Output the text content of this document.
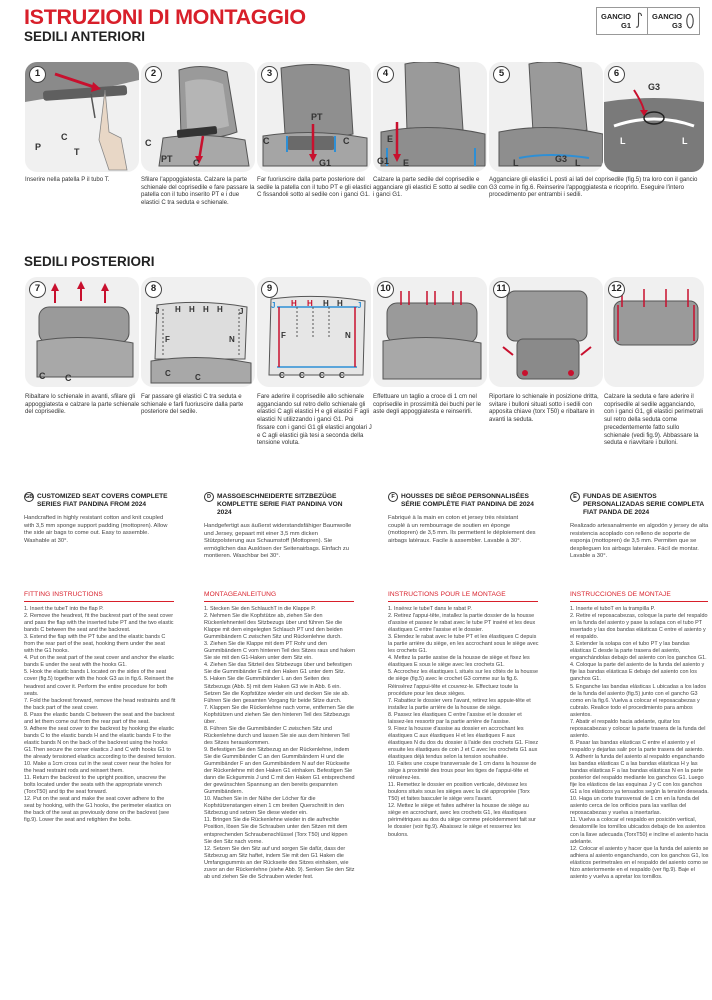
ISTRUZIONI DI MONTAGGIO
SEDILI ANTERIORI
SEDILI POSTERIORI
GANCIO
G1
GANCIO
G3
1
P
C
T
2
C
PT C
3
C
PT
C
G1
4
E
G1 E
5
L	G3 L
6
G3
L	L
Inserire nella patella P il tubo T.	Sfilare l'appoggiatesta. Calzare la parte schienale del coprisedile e fare passare la patella con il tubo inserito PT e i due elastici C tra seduta e schienale.
Far fuoriuscire dalla parte posteriore del sedile la patella con il tubo PT e gli elastici C fissandoli sotto al sedile con i ganci G1.
Calzare la parte sedile del coprisedile e agganciare gli elastici E sotto al sedile con i ganci G1.
Agganciare gli elastici L posti ai lati del coprisedile (fig.5) tra loro con il gancio G3 come in fig.6. Reinserire l'appoggiatesta e ricoprirlo. Eseguire l'intero procedimento per entrambi i sedili.
7
C C
8
J H H H H J
F	N
C	C
9
J H H H H J
F	N
C C C C
10	11	12
Ribaltare lo schienale in avanti, sfilare gli appoggiatesta e calzare la parte schienale del coprisedile.
Far passare gli elastici C tra seduta e schienale e farli fuoriuscire dalla parte posteriore del sedile.
Fare aderire il coprisedile allo schienale agganciando sul retro dello schienale gli elastici C agli elastici H e gli elastici F agli elastici N utilizzando i ganci G1. Poi fissare con i ganci G1 gli elastici angolari J e C agli elastici già tesi a seconda della tensione voluta.
Effettuare un taglio a croce di 1 cm nel coprisedile in prossimità dei buchi per le aste degli appoggiatesta e reinserirli.
Riportare lo schienale in posizione dritta, svitare i bulloni situati sotto i sedili con apposita chiave (torx T50) e ribaltare in avanti la seduta.
Calzare la seduta e fare aderire il coprisedile al sedile agganciando, con i ganci G1, gli elastici perimetrali sul retro della seduta come precedentemente fatto sullo schienale (vedi fig.9). Abbassare la seduta e riavvitare i bulloni.
GB CUSTOMIZED SEAT COVERS COMPLETE SERIES FIAT PANDINA FROM 2024
Handcrafted in highly resistant cotton and knit coupled with 3,5 mm sponge support padding (mottopren). Allow the side air bags to come out. Easy to assemble. Washable at 30°.
D MASSGESCHNEIDERTE SITZBEZÜGE KOMPLETTE SERIE FIAT PANDINA VON 2024
Handgefertigt aus äußerst widerstandsfähiger Baumwolle und Jersey, gepaart mit einer 3,5 mm dicken Stützpolsterung aus Schaumstoff (Mottopren). Sie ermöglichen das Auslösen der Seitenairbags. Einfach zu montieren. Waschbar bei 30°.
F HOUSSES DE SIÈGE PERSONNALISÉES SÉRIE COMPLÈTE FIAT PANDINA DE 2024
Fabriqué à la main en coton et jersey très résistant couplé à un rembourrage de soutien en éponge (mottopren) de 3,5 mm. Ils permettent le déploiement des airbags latéraux. Facile à assembler. Lavable à 30°.
E FUNDAS DE ASIENTOS PERSONALIZADAS SERIE COMPLETA FIAT PANDA DE 2024
Realizado artesanalmente en algodón y jersey de alta resistencia acoplado con relleno de soporte de esponja (mottopren) de 3,5 mm. Permiten que se desplieguen los airbags laterales. Fácil de montar. Lavable a 30°.
FITTING INSTRUCTIONS	MONTAGEANLEITUNG	INSTRUCTIONS POUR LE MONTAGE	INSTRUCCIONES DE MONTAJE

1. Insert the tubeT into the flap P.

2. Remove the headrest, fit the backrest part of the seat cover and pass the flap with the inserted tube PT and the two elastic bands C between the seat and the backrest.

3. Extend the flap with the PT tube and the elastic bands C from the rear part of the seat, hooking them under the seat with the G1 hooks.

4. Put on the seat part of the seat cover and anchor the elastic bands E under the seat with the hooks G1.

5. Hook the elastic bands L located on the sides of the seat cover (fig.5) together with the hook G3 as in fig.6. Reinsert the headrest and cover it. Perform the entire procedure for both seats.

7. Fold the backrest forward, remove the head restraints and fit the back part of the seat cover.

8. Pass the elastic bands C between the seat and the backrest and let them come out from the rear part of the seat.

9. Adhere the seat cover to the backrest by hooking the elastic bands C to the elastic bands H and the elastic bands F to the elastic bands N on the back of the backrest using the hooks G1.Then secure the corner elastics J and C with hooks G1 to the already tensioned elastics according to the desired tension.

10. Make a 1cm cross cut in the seat cover near the holes for the head restraint rods and reinsert them.

11. Return the backrest to the upright position, unscrew the bolts located under the seats with the appropriate wrench (TorxT50) and tip the seat forward.

12. Put on the seat and make the seat cover adhere to the seat by hooking, with the G1 hooks, the perimeter elastics on the back of the seat as previously done on the backrest (see fig.9). Lower the seat and retighten the bolts.

1. Stecken Sie den SchlauchT in die Klappe P.

2. Nehmen Sie die Kopfstütze ab, ziehen Sie den Rückenlehnenteil des Sitzbezugs über und führen Sie die Klappe mit dem eingelegten Schlauch PT und den beiden Gummibändern C zwischen Sitz und Rückenlehne durch.

3. Ziehen Sie die Klappe mit dem PT Rohr und den Gummibändern C vom hinteren Teil des Sitzes raus und haken Sie sie mit den G1-Haken unter dem Sitz ein.

4. Ziehen Sie das Sitzteil des Sitzbezugs über und befestigen Sie die Gummibänder E mit den Haken G1 unter dem Sitz.

5. Haken Sie die Gummibänder L an den Seiten des Sitzbezugs (Abb. 5) mit dem Haken G3 wie in Abb. 6 ein. Setzen Sie die Kopfstütze wieder ein und decken Sie sie ab. Führen Sie den gesamten Vorgang für beide Sitze durch.

7. Klappen Sie die Rückenlehne nach vorne, entfernen Sie die Kopfstützen und ziehen Sie den hinteren Teil des Sitzbezugs über.

8. Führen Sie die Gummibänder C zwischen Sitz und Rückenlehne durch und lassen Sie sie aus dem hinteren Teil des Sitzes herauskommen.

9. Befestigen Sie den Sitzbezug an der Rückenlehne, indem Sie die Gummibänder C an den Gummibändern H und die Gummibänder F an den Gummibändern N auf der Rückseite der Rückenlehne mit den Haken G1 einhaken. Befestigen Sie dann die Eckgummis J und C mit den Haken G1 entsprechend der gewünschten Spannung an den bereits gespannten Gummibändern.

10. Machen Sie in der Nähe der Löcher für die Kopfstützenstangen einen 1 cm breiten Querschnitt in den Sitzbezug und setzen Sie diese wieder ein.

11. Bringen Sie die Rückenlehne wieder in die aufrechte Position, lösen Sie die Schrauben unter den Sitzen mit dem entsprechenden Schraubenschlüssel (Torx T50) und kippen Sie den Sitz nach vorne.

12. Setzen Sie den Sitz auf und sorgen Sie dafür, dass der Sitzbezug am Sitz haftet, indem Sie mit den G1 Haken die Umfangsgummis an der Rückseite des Sitzes einhaken, wie zuvor an der Rückenlehne (siehe Abb. 9). Senken Sie den Sitz ab und ziehen Sie die Schrauben wieder fest.

1. Insérez le tubeT dans le rabat P.

2. Retirez l'appui-tête, installez la partie dossier de la housse d'assise et passez le rabat avec le tube PT inséré et les deux élastiques C entre l'assise et le dossier.

3. Étendez le rabat avec le tube PT et les élastiques C depuis la partie arrière du siège, en les accrochant sous le siège avec les crochets G1.

4. Mettez la partie assise de la housse de siège et fixez les élastiques E sous le siège avec les crochets G1.

5. Accrochez les élastiques L situés sur les côtés de la housse de siège (fig.5) avec le crochet G3 comme sur la fig.6. Réinsérez l'appui-tête et couvrez-le. Effectuez toute la procédure pour les deux sièges.

7. Rabattez le dossier vers l'avant, retirez les appuie-tête et installez la partie arrière de la housse de siège.

8. Passez les élastiques C entre l'assise et le dossier et laissez-les ressortir par la partie arrière de l'assise.

9. Fixez la housse d'assise au dossier en accrochant les élastiques C aux élastiques H et les élastiques F aux élastiques N du dos du dossier à l'aide des crochets G1. Fixez ensuite les élastiques de coin J et C avec les crochets G1 aux élastiques déjà tendus selon la tension souhaitée.

10. Faites une coupe transversale de 1 cm dans la housse de siège à proximité des trous pour les tiges de l'appui-tête et réinsérez-les.

11. Remettez le dossier en position verticale, dévissez les boulons situés sous les sièges avec la clé appropriée (Torx T50) et faites basculer le siège vers l'avant.

12. Mettez le siège et faites adhérer la housse de siège au siège en accrochant, avec les crochets G1, les élastiques périmétriques au dos du siège comme précédemment fait sur le dossier (voir fig.9). Abaissez le siège et resserrez les boulons.

1. Inserte el tuboT en la trampilla P.

2. Retire el reposacabezas, coloque la parte del respaldo en la funda del asiento y pase la solapa con el tubo PT insertado y las dos bandas elásticas C entre el asiento y el respaldo.

3. Extender la solapa con el tubo PT y las bandas elásticas C desde la parte trasera del asiento, enganchándolas debajo del asiento con los ganchos G1.

4. Coloque la parte del asiento de la funda del asiento y fije las bandas elásticas E debajo del asiento con los ganchos G1.

5. Enganche las bandas elásticas L ubicadas a los lados de la funda del asiento (fig.5) junto con el gancho G3 como en la fig.6. Vuelva a colocar el reposacabezas y cubralo. Realice todo el procedimiento para ambos asientos.

7. Abatir el respaldo hacia adelante, quitar los reposacabezas y colocar la parte trasera de la funda del asiento.

8. Pasar las bandas elásticas C entre el asiento y el respaldo y dejarlas salir por la parte trasera del asiento.

9. Adherir la funda del asiento al respaldo enganchando las bandas elásticas C a las bandas elásticas H y las bandas elásticas F a las bandas elásticas N en la parte posterior del respaldo mediante los ganchos G1. Luego fije los elásticos de las esquinas J y C con los ganchos G1 a los elásticos ya tensados según la tensión deseada.

10. Haga un corte transversal de 1 cm en la funda del asiento cerca de los orificios para las varillas del reposacabezas y vuelva a insertarlas.

11. Vuelva a colocar el respaldo en posición vertical, desatornille los tornillos ubicados debajo de los asientos con la llave adecuada (TorxT50) e incline el asiento hacia adelante.

12. Colocar el asiento y hacer que la funda del asiento se adhiera al asiento enganchando, con los ganchos G1, los elásticos perimetrales en el respaldo del asiento como se hizo anteriormente en el respaldo (ver fig.9). Baje el asiento y vuelva a apretar los tornillos.
